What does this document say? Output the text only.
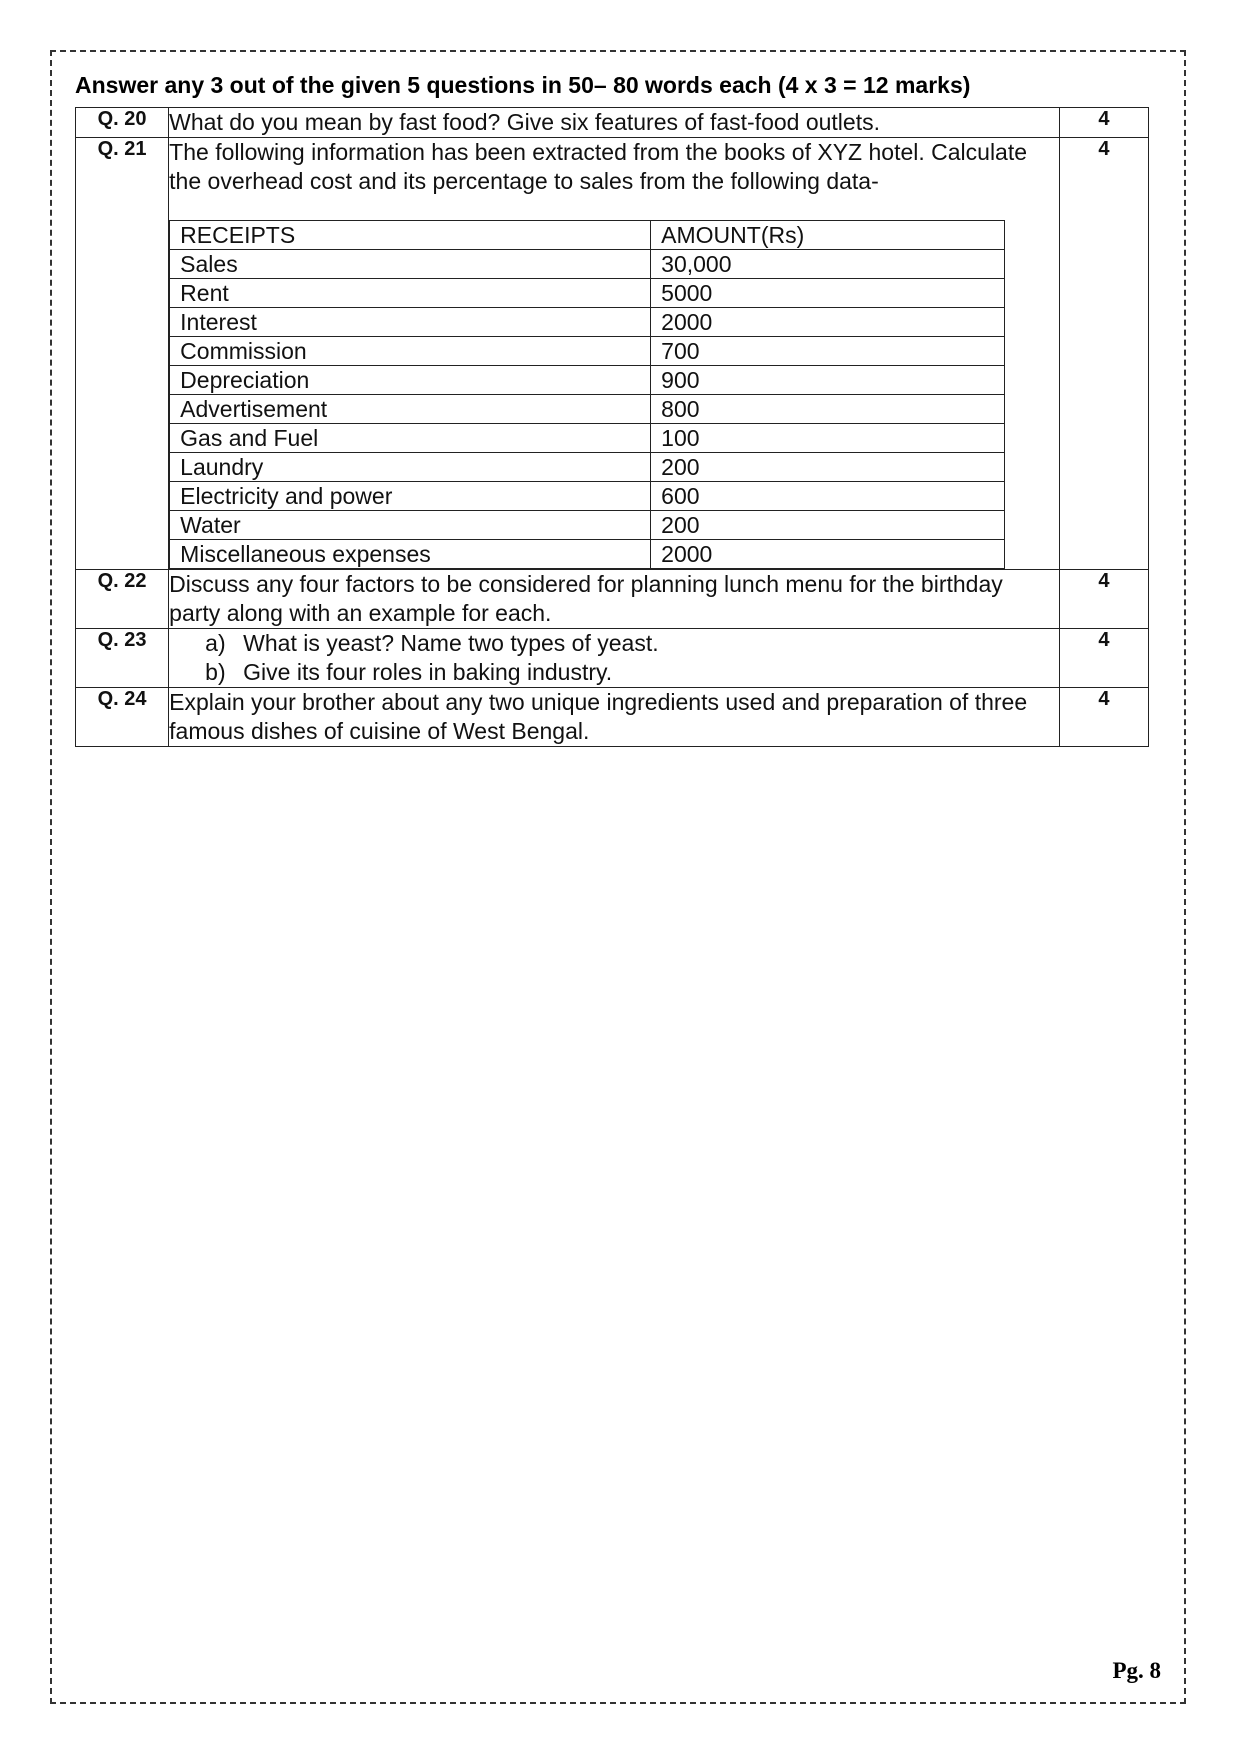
Answer any 3 out of the given 5 questions in 50– 80 words each (4 x 3 = 12 marks)
Q. 20	What do you mean by fast food? Give six features of fast-food outlets.	4
Q. 21	The following information has been extracted from the books of XYZ hotel. Calculate the overhead cost and its percentage to sales from the following data-
RECEIPTS	AMOUNT(Rs)
Sales	30,000
Rent	5000
Interest	2000
Commission	700
Depreciation	900
Advertisement	800
Gas and Fuel	100
Laundry	200
Electricity and power	600
Water	200
Miscellaneous expenses	2000
	4
Q. 22	Discuss any four factors to be considered for planning lunch menu for the birthday party along with an example for each.	4
Q. 23	a) What is yeast? Name two types of yeast.
b) Give its four roles in baking industry.
	4
Q. 24	Explain your brother about any two unique ingredients used and preparation of three famous dishes of cuisine of West Bengal.	4
Pg. 8
